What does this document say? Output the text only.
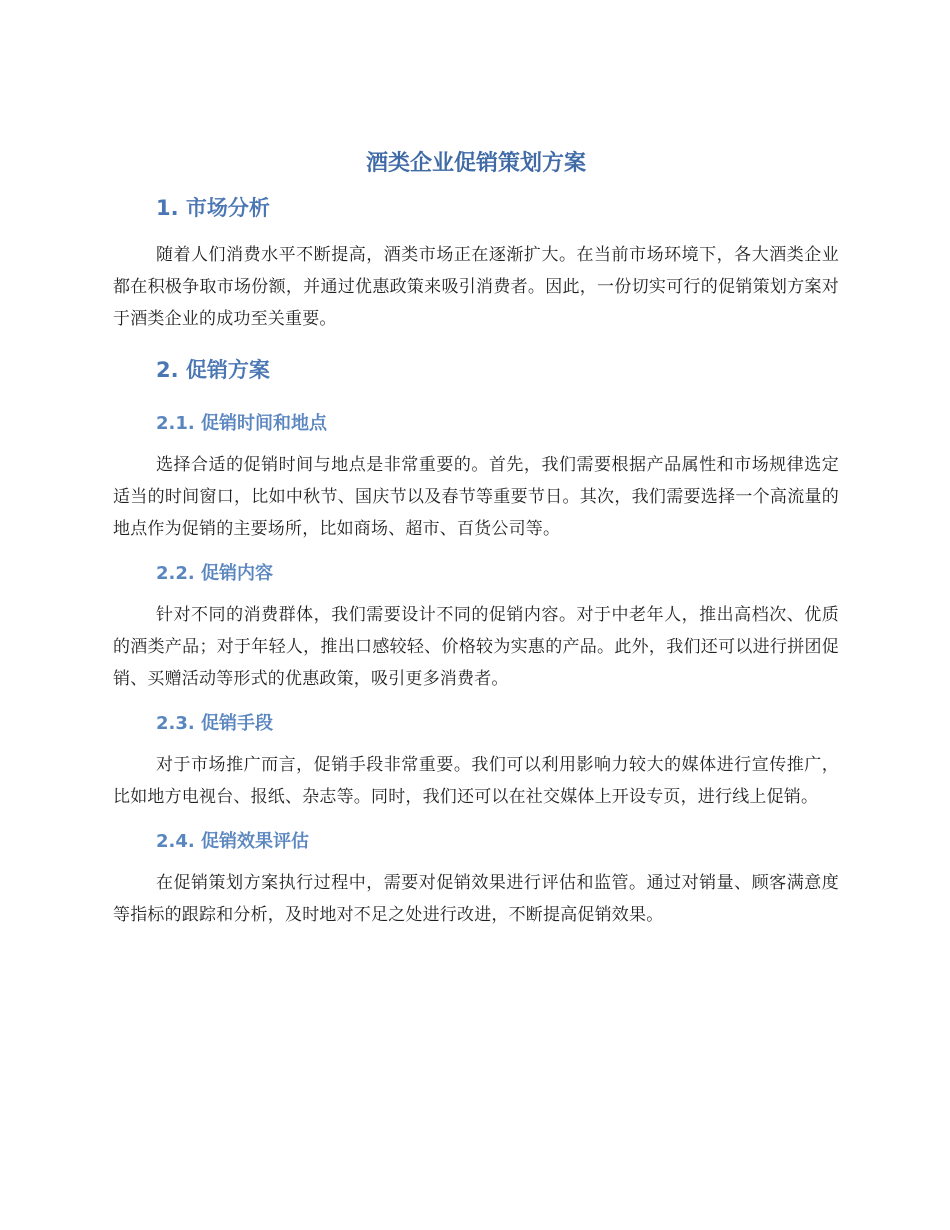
酒类企业促销策划方案
1. 市场分析

随着人们消费水平不断提高，酒类市场正在逐渐扩大。在当前市场环境下，各大酒类企业都在积极争取市场份额，并通过优惠政策来吸引消费者。因此，一份切实可行的促销策划方案对于酒类企业的成功至关重要。

2. 促销方案
2.1. 促销时间和地点

选择合适的促销时间与地点是非常重要的。首先，我们需要根据产品属性和市场规律选定适当的时间窗口，比如中秋节、国庆节以及春节等重要节日。其次，我们需要选择一个高流量的地点作为促销的主要场所，比如商场、超市、百货公司等。

2.2. 促销内容

针对不同的消费群体，我们需要设计不同的促销内容。对于中老年人，推出高档次、优质的酒类产品；对于年轻人，推出口感较轻、价格较为实惠的产品。此外，我们还可以进行拼团促销、买赠活动等形式的优惠政策，吸引更多消费者。

2.3. 促销手段

对于市场推广而言，促销手段非常重要。我们可以利用影响力较大的媒体进行宣传推广，比如地方电视台、报纸、杂志等。同时，我们还可以在社交媒体上开设专页，进行线上促销。

2.4. 促销效果评估

在促销策划方案执行过程中，需要对促销效果进行评估和监管。通过对销量、顾客满意度等指标的跟踪和分析，及时地对不足之处进行改进，不断提高促销效果。
